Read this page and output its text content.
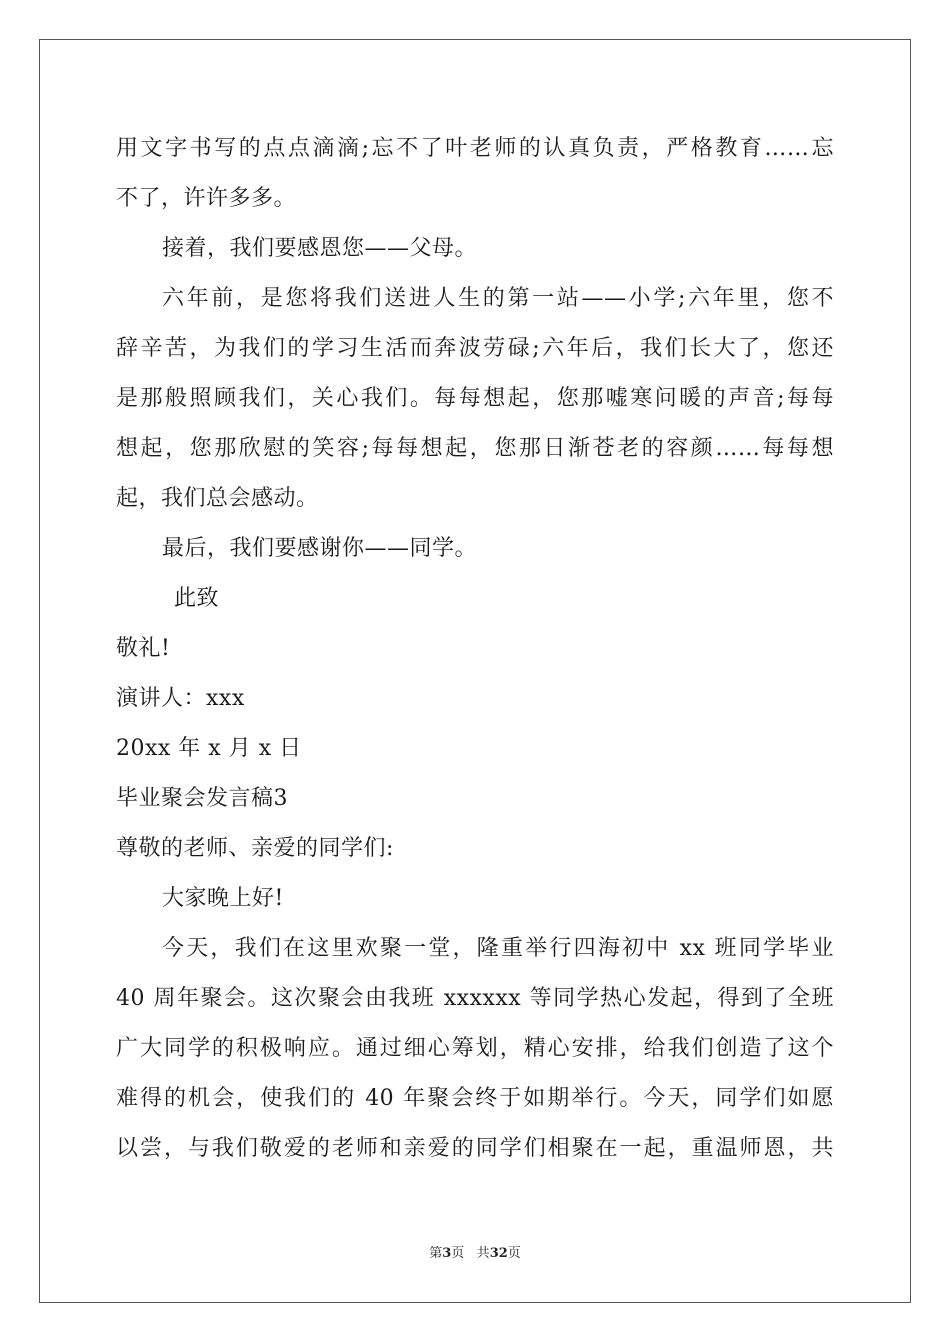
用文字书写的点点滴滴;忘不了叶老师的认真负责，严格教育……忘
不了，许许多多。
接着，我们要感恩您——父母。
六年前，是您将我们送进人生的第一站——小学;六年里，您不
辞辛苦，为我们的学习生活而奔波劳碌;六年后，我们长大了，您还
是那般照顾我们，关心我们。每每想起，您那嘘寒问暖的声音;每每
想起，您那欣慰的笑容;每每想起，您那日渐苍老的容颜……每每想
起，我们总会感动。
最后，我们要感谢你——同学。
此致
敬礼!
演讲人：xxx
20xx 年 x 月 x 日
毕业聚会发言稿3
尊敬的老师、亲爱的同学们:
大家晚上好!
今天，我们在这里欢聚一堂，隆重举行四海初中 xx 班同学毕业
40 周年聚会。这次聚会由我班 xxxxxx 等同学热心发起，得到了全班
广大同学的积极响应。通过细心筹划，精心安排，给我们创造了这个
难得的机会，使我们的 40 年聚会终于如期举行。今天，同学们如愿
以尝，与我们敬爱的老师和亲爱的同学们相聚在一起，重温师恩，共
第3页 共32页
